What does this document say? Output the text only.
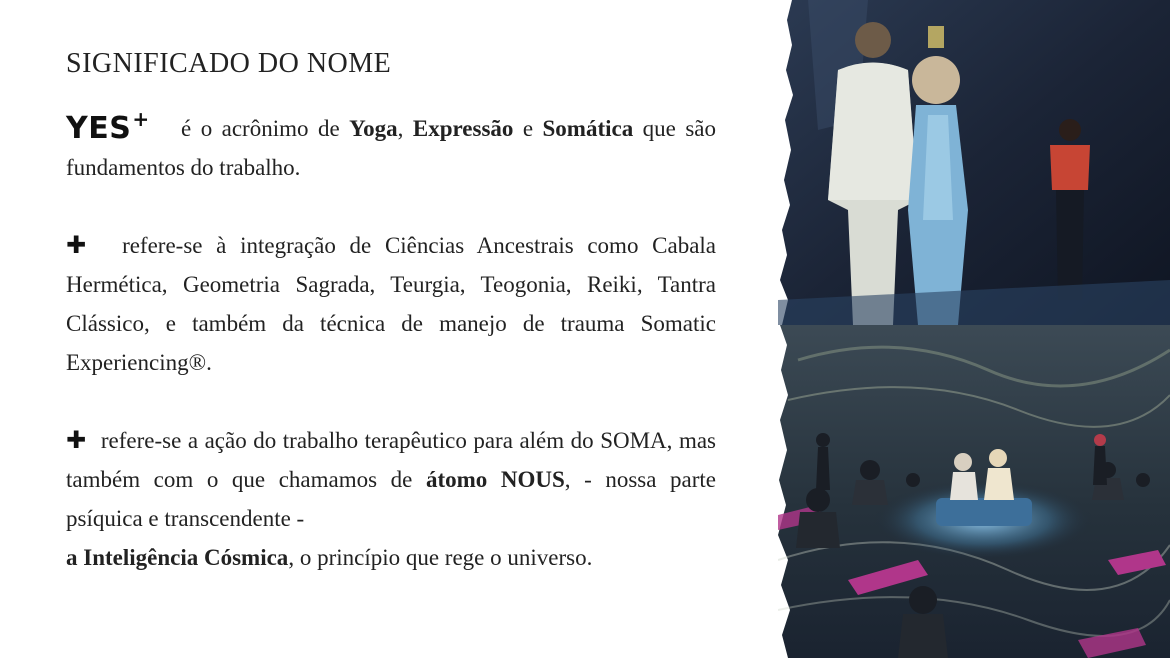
SIGNIFICADO DO NOME

YES+ é o acrônimo de Yoga, Expressão e Somática que são fundamentos do trabalho.

✚ refere-se à integração de Ciências Ancestrais como Cabala Hermética, Geometria Sagrada, Teurgia, Teogonia, Reiki, Tantra Clássico, e também da técnica de manejo de trauma Somatic Experiencing®.

✚ refere-se a ação do trabalho terapêutico para além do SOMA, mas também com o que chamamos de átomo NOUS, - nossa parte psíquica e transcendente -

a Inteligência Cósmica, o princípio que rege o universo.
